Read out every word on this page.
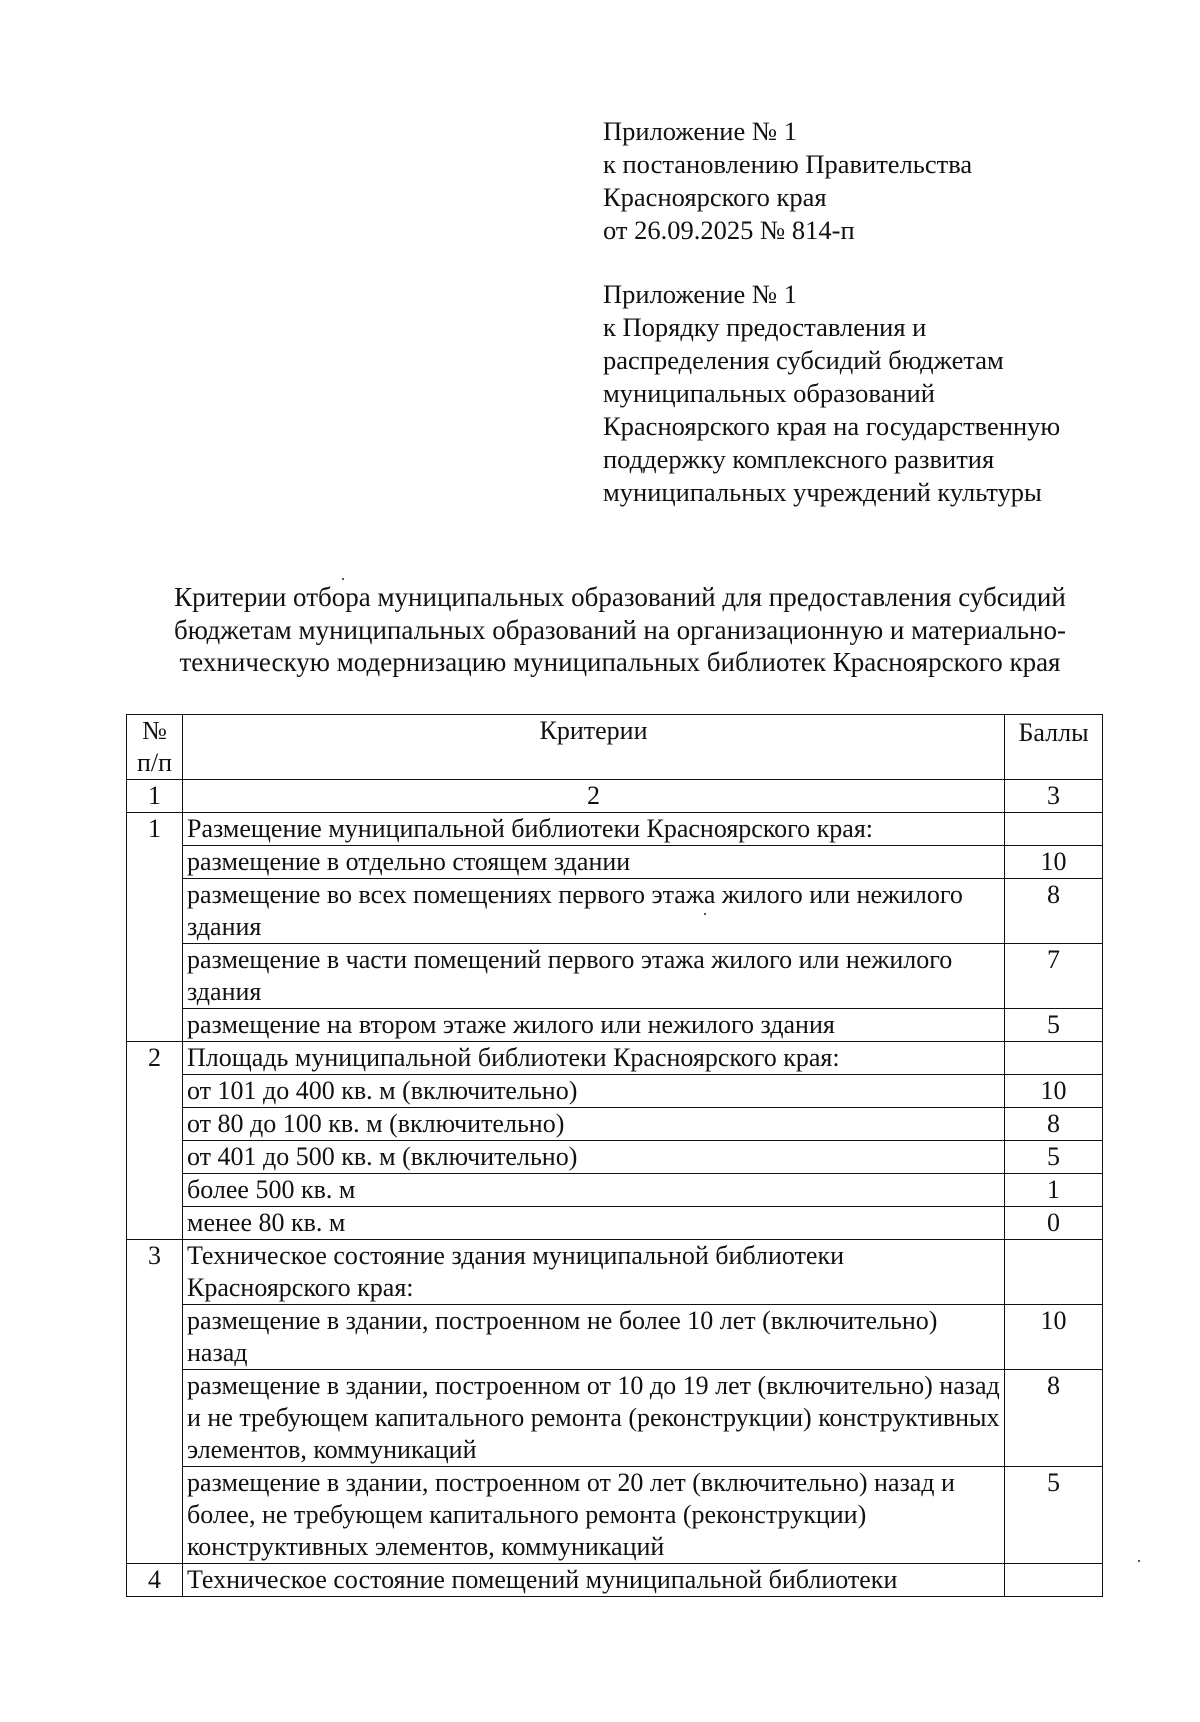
Приложение № 1
к постановлению Правительства
Красноярского края
от 26.09.2025 № 814-п
Приложение № 1
к Порядку предоставления и
распределения субсидий бюджетам
муниципальных образований
Красноярского края на государственную
поддержку комплексного развития
муниципальных учреждений культуры
Критерии отбора муниципальных образований для предоставления субсидий
бюджетам муниципальных образований на организационную и материально-
техническую модернизацию муниципальных библиотек Красноярского края
№ п/п	Критерии	Баллы
1	2	3
1	Размещение муниципальной библиотеки Красноярского края:	
	размещение в отдельно стоящем здании	10
	размещение во всех помещениях первого этажа жилого или нежилого здания	8
	размещение в части помещений первого этажа жилого или нежилого здания	7
	размещение на втором этаже жилого или нежилого здания	5
2	Площадь муниципальной библиотеки Красноярского края:	
	от 101 до 400 кв. м (включительно)	10
	от 80 до 100 кв. м (включительно)	8
	от 401 до 500 кв. м (включительно)	5
	более 500 кв. м	1
	менее 80 кв. м	0
3	Техническое состояние здания муниципальной библиотеки Красноярского края:	
	размещение в здании, построенном не более 10 лет (включительно) назад	10
	размещение в здании, построенном от 10 до 19 лет (включительно) назад и не требующем капитального ремонта (реконструкции) конструктивных элементов, коммуникаций	8
	размещение в здании, построенном от 20 лет (включительно) назад и более, не требующем капитального ремонта (реконструкции) конструктивных элементов, коммуникаций	5
4	Техническое состояние помещений муниципальной библиотеки	
